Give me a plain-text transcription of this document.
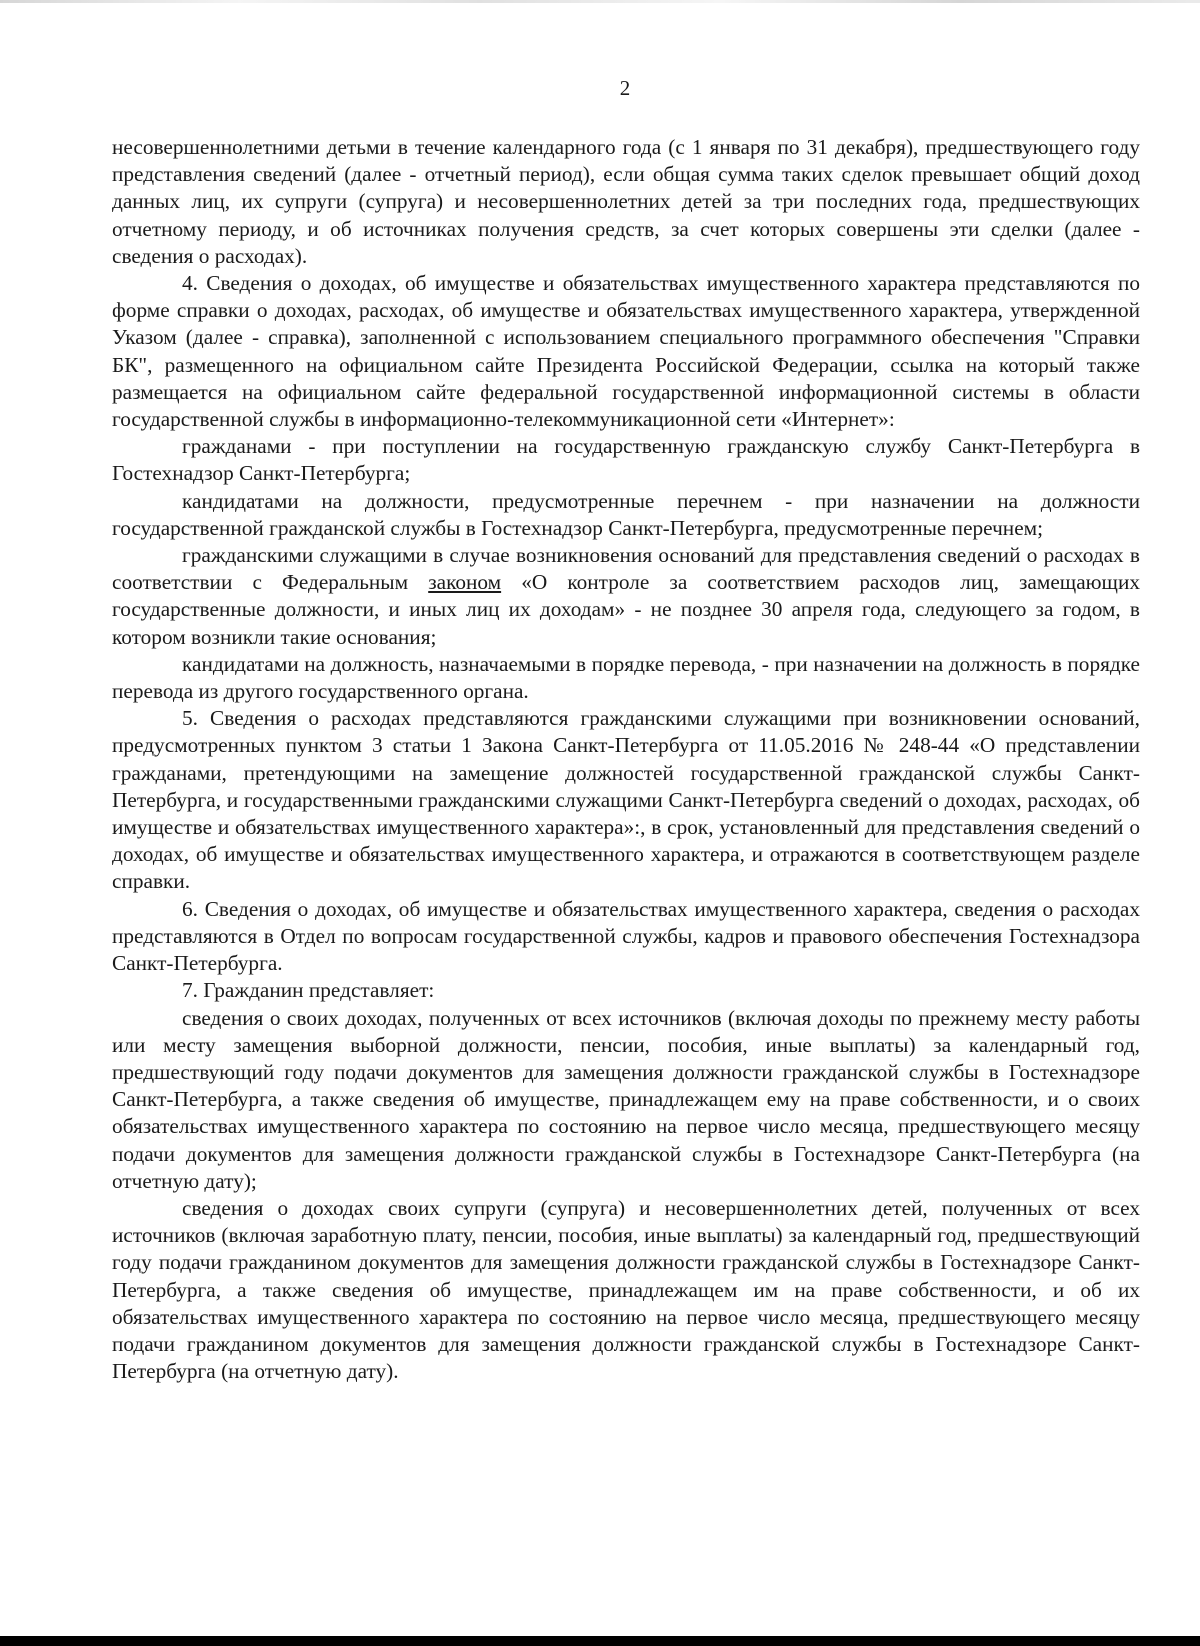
2

несовершеннолетними детьми в течение календарного года (с 1 января по 31 декабря), предшествующего году представления сведений (далее - отчетный период), если общая сумма таких сделок превышает общий доход данных лиц, их супруги (супруга) и несовершеннолетних детей за три последних года, предшествующих отчетному периоду, и об источниках получения средств, за счет которых совершены эти сделки (далее - сведения о расходах).

4. Сведения о доходах, об имуществе и обязательствах имущественного характера представляются по форме справки о доходах, расходах, об имуществе и обязательствах имущественного характера, утвержденной Указом (далее - справка), заполненной с использованием специального программного обеспечения "Справки БК", размещенного на официальном сайте Президента Российской Федерации, ссылка на который также размещается на официальном сайте федеральной государственной информационной системы в области государственной службы в информационно-телекоммуникационной сети «Интернет»:

гражданами - при поступлении на государственную гражданскую службу Санкт-Петербурга в Гостехнадзор Санкт-Петербурга;

кандидатами на должности, предусмотренные перечнем - при назначении на должности государственной гражданской службы в Гостехнадзор Санкт-Петербурга, предусмотренные перечнем;

гражданскими служащими в случае возникновения оснований для представления сведений о расходах в соответствии с Федеральным законом «О контроле за соответствием расходов лиц, замещающих государственные должности, и иных лиц их доходам» - не позднее 30 апреля года, следующего за годом, в котором возникли такие основания;

кандидатами на должность, назначаемыми в порядке перевода, - при назначении на должность в порядке перевода из другого государственного органа.

5. Сведения о расходах представляются гражданскими служащими при возникновении оснований, предусмотренных пунктом 3 статьи 1 Закона Санкт-Петербурга от 11.05.2016 № 248-44 «О представлении гражданами, претендующими на замещение должностей государственной гражданской службы Санкт-Петербурга, и государственными гражданскими служащими Санкт-Петербурга сведений о доходах, расходах, об имуществе и обязательствах имущественного характера»:, в срок, установленный для представления сведений о доходах, об имуществе и обязательствах имущественного характера, и отражаются в соответствующем разделе справки.

6. Сведения о доходах, об имуществе и обязательствах имущественного характера, сведения о расходах представляются в Отдел по вопросам государственной службы, кадров и правового обеспечения Гостехнадзора Санкт-Петербурга.

7. Гражданин представляет:

сведения о своих доходах, полученных от всех источников (включая доходы по прежнему месту работы или месту замещения выборной должности, пенсии, пособия, иные выплаты) за календарный год, предшествующий году подачи документов для замещения должности гражданской службы в Гостехнадзоре Санкт-Петербурга, а также сведения об имуществе, принадлежащем ему на праве собственности, и о своих обязательствах имущественного характера по состоянию на первое число месяца, предшествующего месяцу подачи документов для замещения должности гражданской службы в Гостехнадзоре Санкт-Петербурга (на отчетную дату);

сведения о доходах своих супруги (супруга) и несовершеннолетних детей, полученных от всех источников (включая заработную плату, пенсии, пособия, иные выплаты) за календарный год, предшествующий году подачи гражданином документов для замещения должности гражданской службы в Гостехнадзоре Санкт-Петербурга, а также сведения об имуществе, принадлежащем им на праве собственности, и об их обязательствах имущественного характера по состоянию на первое число месяца, предшествующего месяцу подачи гражданином документов для замещения должности гражданской службы в Гостехнадзоре Санкт-Петербурга (на отчетную дату).
